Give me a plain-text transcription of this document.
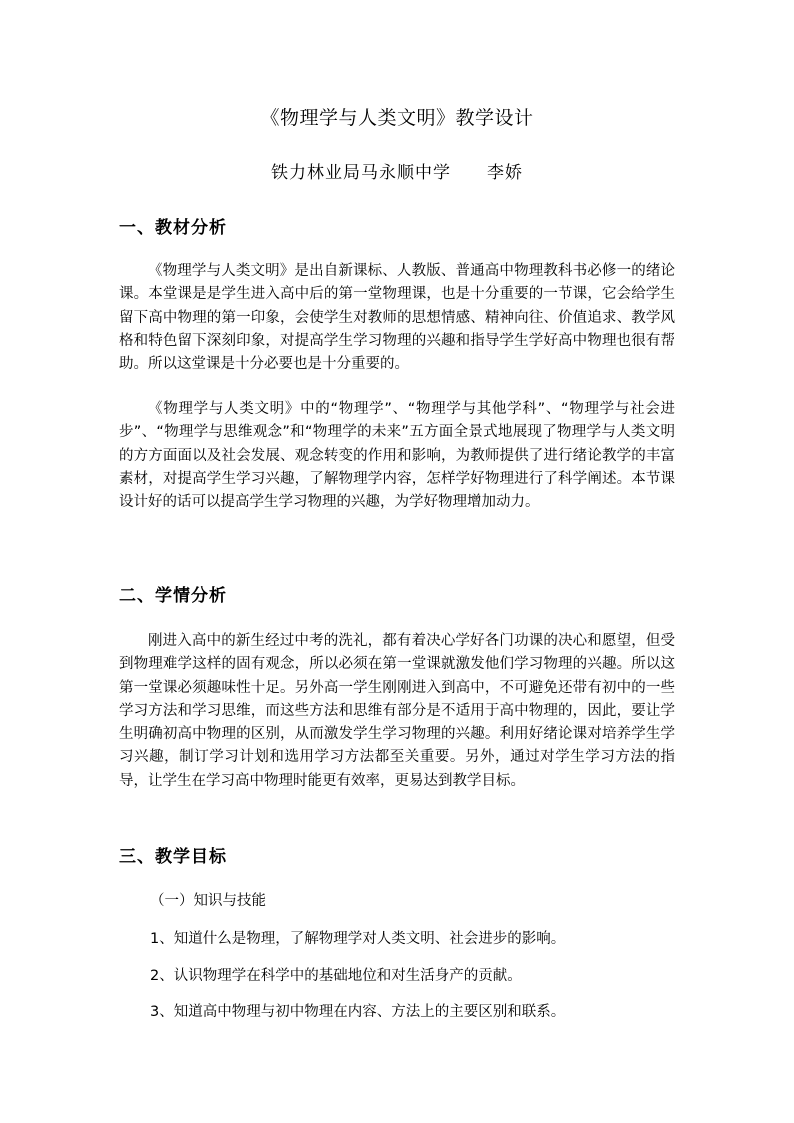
《物理学与人类文明》教学设计
铁力林业局马永顺中学 李娇
一、教材分析
《物理学与人类文明》是出自新课标、人教版、普通高中物理教科书必修一的绪论课。本堂课是是学生进入高中后的第一堂物理课，也是十分重要的一节课，它会给学生留下高中物理的第一印象，会使学生对教师的思想情感、精神向往、价值追求、教学风格和特色留下深刻印象，对提高学生学习物理的兴趣和指导学生学好高中物理也很有帮助。所以这堂课是十分必要也是十分重要的。
《物理学与人类文明》中的“物理学”、“物理学与其他学科”、“物理学与社会进步”、“物理学与思维观念”和“物理学的未来”五方面全景式地展现了物理学与人类文明的方方面面以及社会发展、观念转变的作用和影响，为教师提供了进行绪论教学的丰富素材，对提高学生学习兴趣，了解物理学内容，怎样学好物理进行了科学阐述。本节课设计好的话可以提高学生学习物理的兴趣，为学好物理增加动力。
二、学情分析
刚进入高中的新生经过中考的洗礼，都有着决心学好各门功课的决心和愿望，但受到物理难学这样的固有观念，所以必须在第一堂课就激发他们学习物理的兴趣。所以这第一堂课必须趣味性十足。另外高一学生刚刚进入到高中，不可避免还带有初中的一些学习方法和学习思维，而这些方法和思维有部分是不适用于高中物理的，因此，要让学生明确初高中物理的区别，从而激发学生学习物理的兴趣。利用好绪论课对培养学生学习兴趣，制订学习计划和选用学习方法都至关重要。另外，通过对学生学习方法的指导，让学生在学习高中物理时能更有效率，更易达到教学目标。
三、教学目标
（一）知识与技能
1、知道什么是物理，了解物理学对人类文明、社会进步的影响。
2、认识物理学在科学中的基础地位和对生活身产的贡献。
3、知道高中物理与初中物理在内容、方法上的主要区别和联系。
